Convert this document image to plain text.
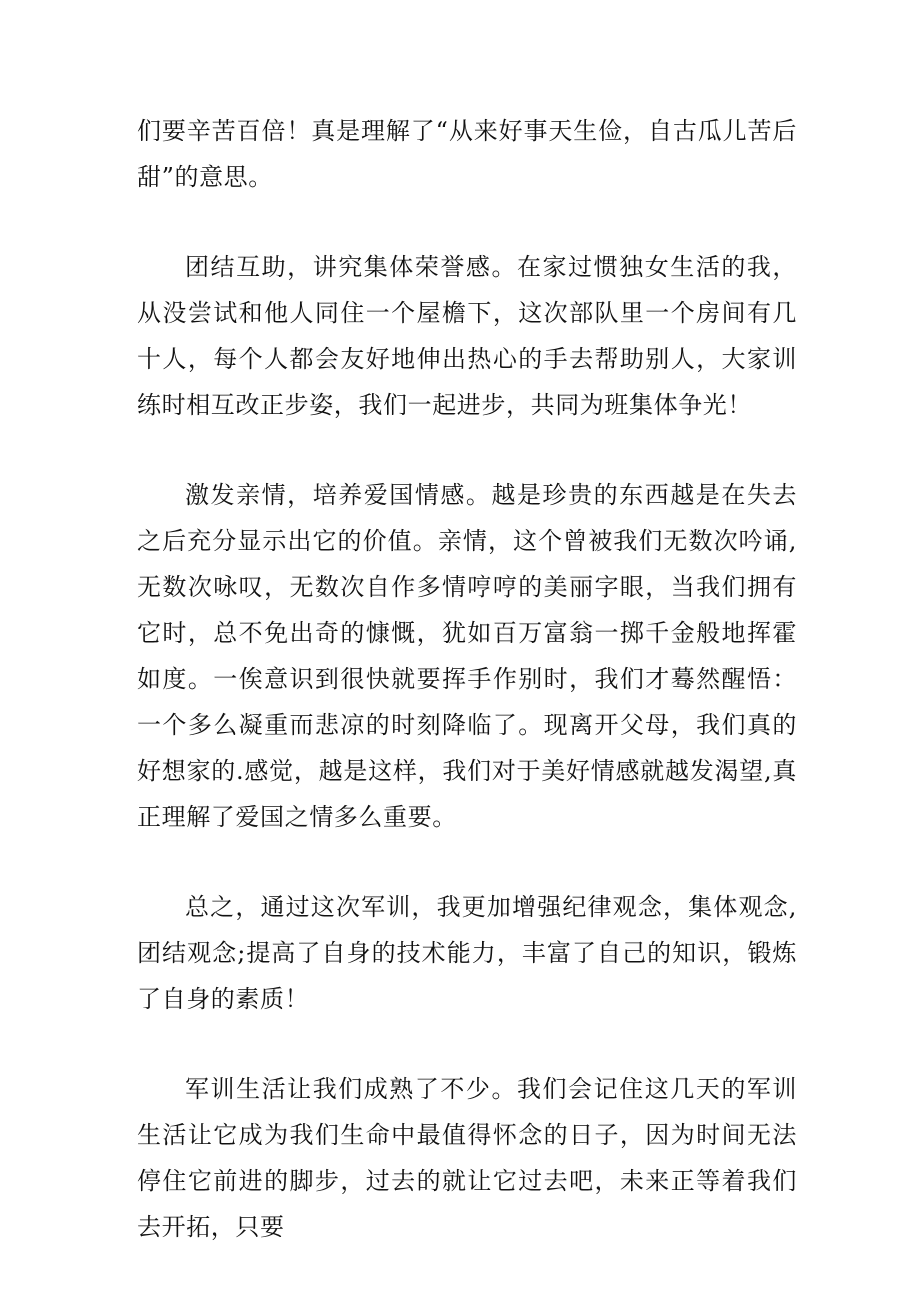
们要辛苦百倍！真是理解了“从来好事天生俭，自古瓜儿苦后甜”的意思。

团结互助，讲究集体荣誉感。在家过惯独女生活的我，从没尝试和他人同住一个屋檐下，这次部队里一个房间有几十人，每个人都会友好地伸出热心的手去帮助别人，大家训练时相互改正步姿，我们一起进步，共同为班集体争光！

激发亲情，培养爱国情感。越是珍贵的东西越是在失去之后充分显示出它的价值。亲情，这个曾被我们无数次吟诵,无数次咏叹，无数次自作多情哼哼的美丽字眼，当我们拥有它时，总不免出奇的慷慨，犹如百万富翁一掷千金般地挥霍如度。一俟意识到很快就要挥手作别时，我们才蓦然醒悟：一个多么凝重而悲凉的时刻降临了。现离开父母，我们真的好想家的.感觉，越是这样，我们对于美好情感就越发渴望,真正理解了爱国之情多么重要。

总之，通过这次军训，我更加增强纪律观念，集体观念,团结观念;提高了自身的技术能力，丰富了自己的知识，锻炼了自身的素质！

军训生活让我们成熟了不少。我们会记住这几天的军训生活让它成为我们生命中最值得怀念的日子，因为时间无法停住它前进的脚步，过去的就让它过去吧，未来正等着我们去开拓，只要
